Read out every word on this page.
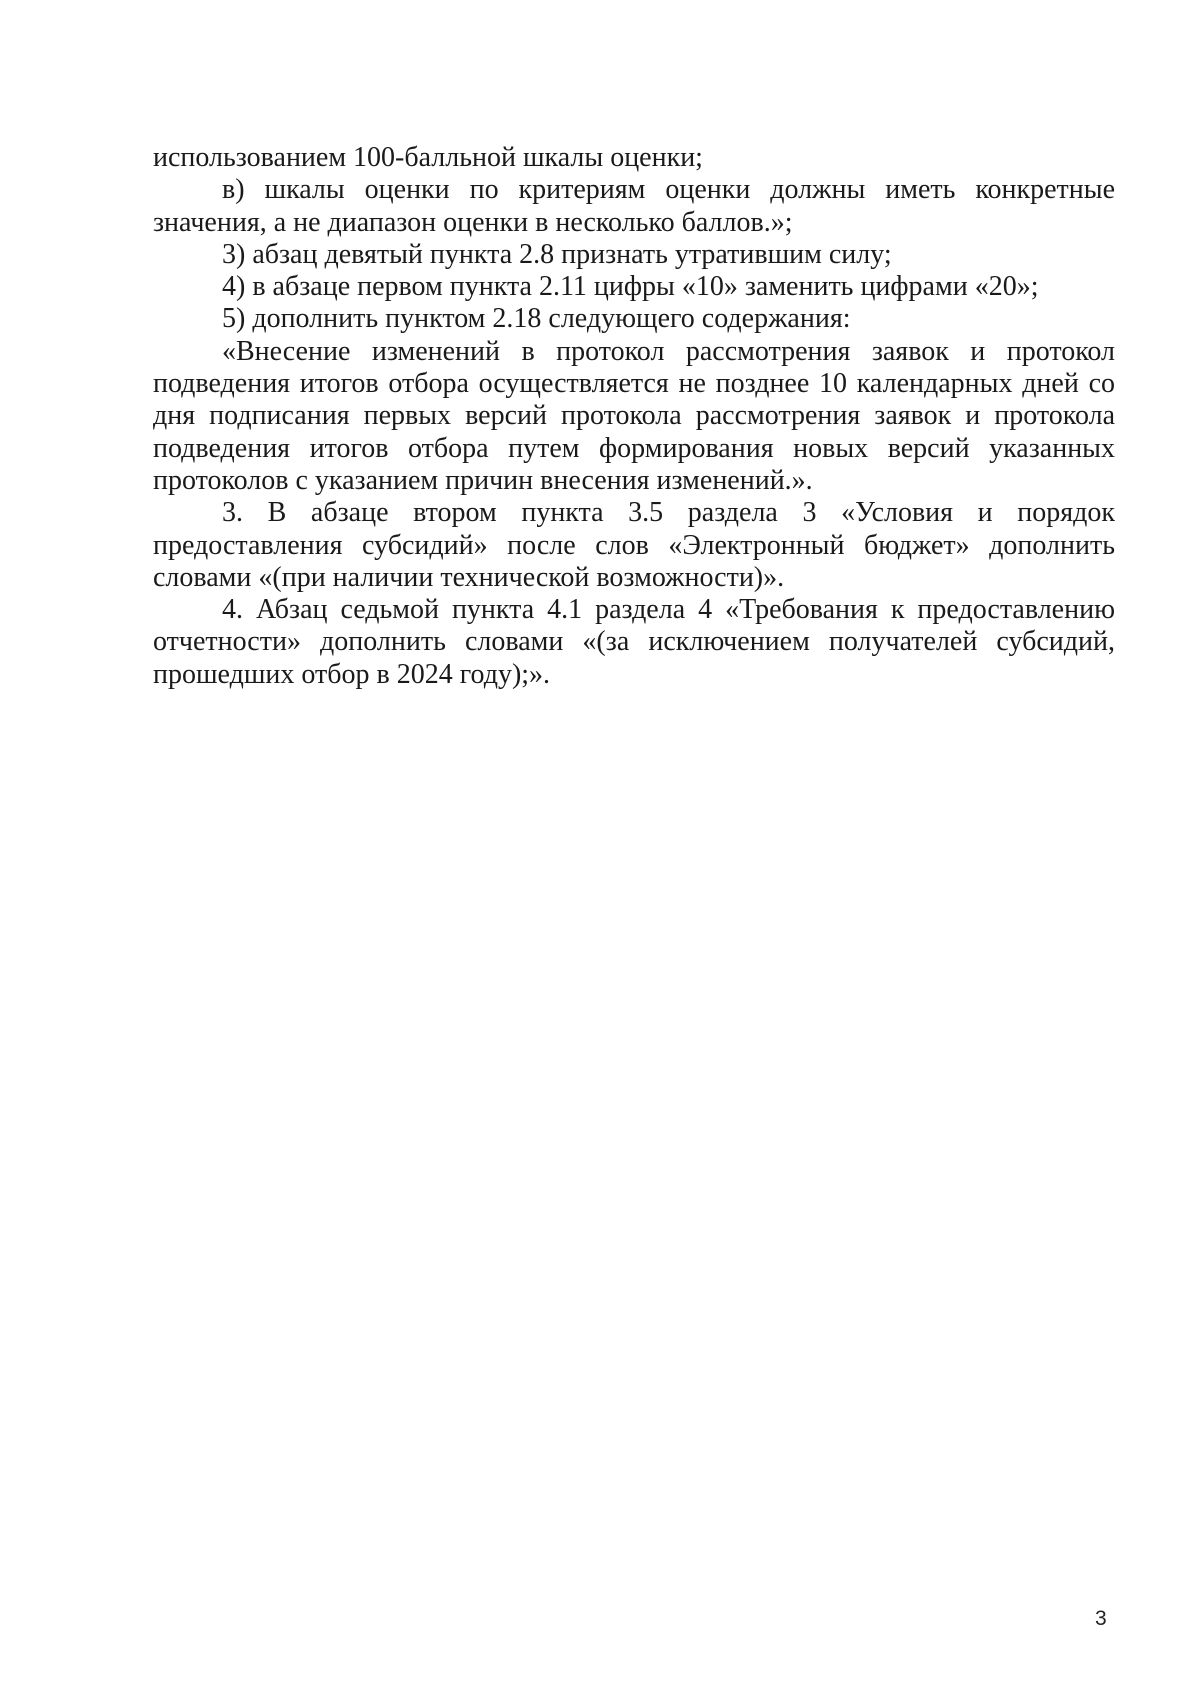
использованием 100-балльной шкалы оценки;

в) шкалы оценки по критериям оценки должны иметь конкретные значения, а не диапазон оценки в несколько баллов.»;

3) абзац девятый пункта 2.8 признать утратившим силу;

4) в абзаце первом пункта 2.11 цифры «10» заменить цифрами «20»;

5) дополнить пунктом 2.18 следующего содержания:

«Внесение изменений в протокол рассмотрения заявок и протокол подведения итогов отбора осуществляется не позднее 10 календарных дней со дня подписания первых версий протокола рассмотрения заявок и протокола подведения итогов отбора путем формирования новых версий указанных протоколов с указанием причин внесения изменений.».

3. В абзаце втором пункта 3.5 раздела 3 «Условия и порядок предоставления субсидий» после слов «Электронный бюджет» дополнить словами «(при наличии технической возможности)».

4. Абзац седьмой пункта 4.1 раздела 4 «Требования к предоставлению отчетности» дополнить словами «(за исключением получателей субсидий, прошедших отбор в 2024 году);».

3
